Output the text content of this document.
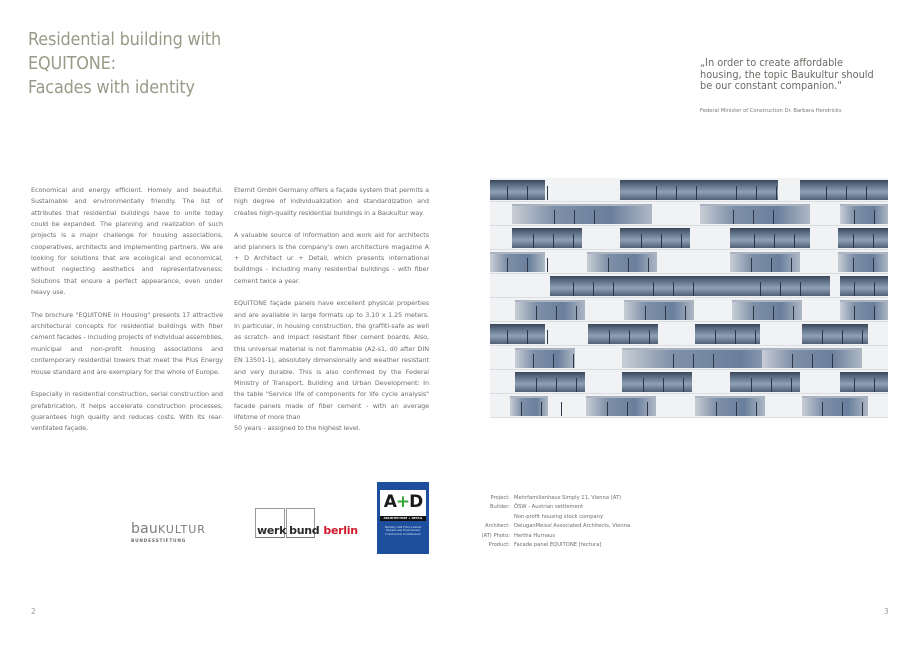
Residential building with
EQUITONE:
Facades with identity
„In order to create affordable housing, the topic Baukultur should be our constant companion."
Federal Minister of Construction Dr. Barbara Hendricks

Economical and energy efficient. Homely and beautiful. Sustainable and environmentally friendly. The list of attributes that residential buildings have to unite today could be expanded. The planning and realization of such projects is a major challenge for housing associations, cooperatives, architects and implementing partners. We are looking for solutions that are ecological and economical, without neglecting aesthetics and representativeness; Solutions that ensure a perfect appearance, even under heavy use.

The brochure "EQUITONE in Housing" presents 17 attractive architectural concepts for residential buildings with fiber cement facades - including projects of individual assemblies, municipal and non-profit housing associations and contemporary residential towers that meet the Plus Energy House standard and are exemplary for the whole of Europe.

Especially in residential construction, serial construction and prefabrication, it helps accelerate construction processes, guarantees high quality and reduces costs. With its rear-ventilated façade,

Eternit GmbH Germany offers a façade system that permits a high degree of individualization and standardization and creates high-quality residential buildings in a Baukultur way.

A valuable source of information and work aid for architects and planners is the company's own architecture magazine A + D Architect ur + Detail, which presents international buildings - including many residential buildings - with fiber cement twice a year.

EQUITONE façade panels have excellent physical properties and are available in large formats up to 3.10 x 1.25 meters. In particular, in housing construction, the graffiti-safe as well as scratch- and impact resistant fiber cement boards. Also, this universal material is not flammable (A2-s1, d0 after DIN EN 13501-1), absolutely dimensionally and weather resistant and very durable. This is also confirmed by the Federal Ministry of Transport, Building and Urban Development: In the table "Service life of components for life cycle analysis" facade panels made of fiber cement - with an average lifetime of more than

50 years - assigned to the highest level.

bauKULTUR
BUNDESSTIFTUNG
werk bund berlin
A+D
ARCHITECTURE + DETAIL
Building with Fibre Cement Fassade and Environment Construction in Mitmensch
Project: Mehrfamilienhaus Simply 11, Vienna (AT)
Builder: ÖSW - Austrian settlement
Non-profit housing stock company
Architect: DeluganMeissl Associated Architects, Vienna
(AT) Photo: Hertha Hurnaus
Product: Facade panel EQUITONE [tectura]
2	3
